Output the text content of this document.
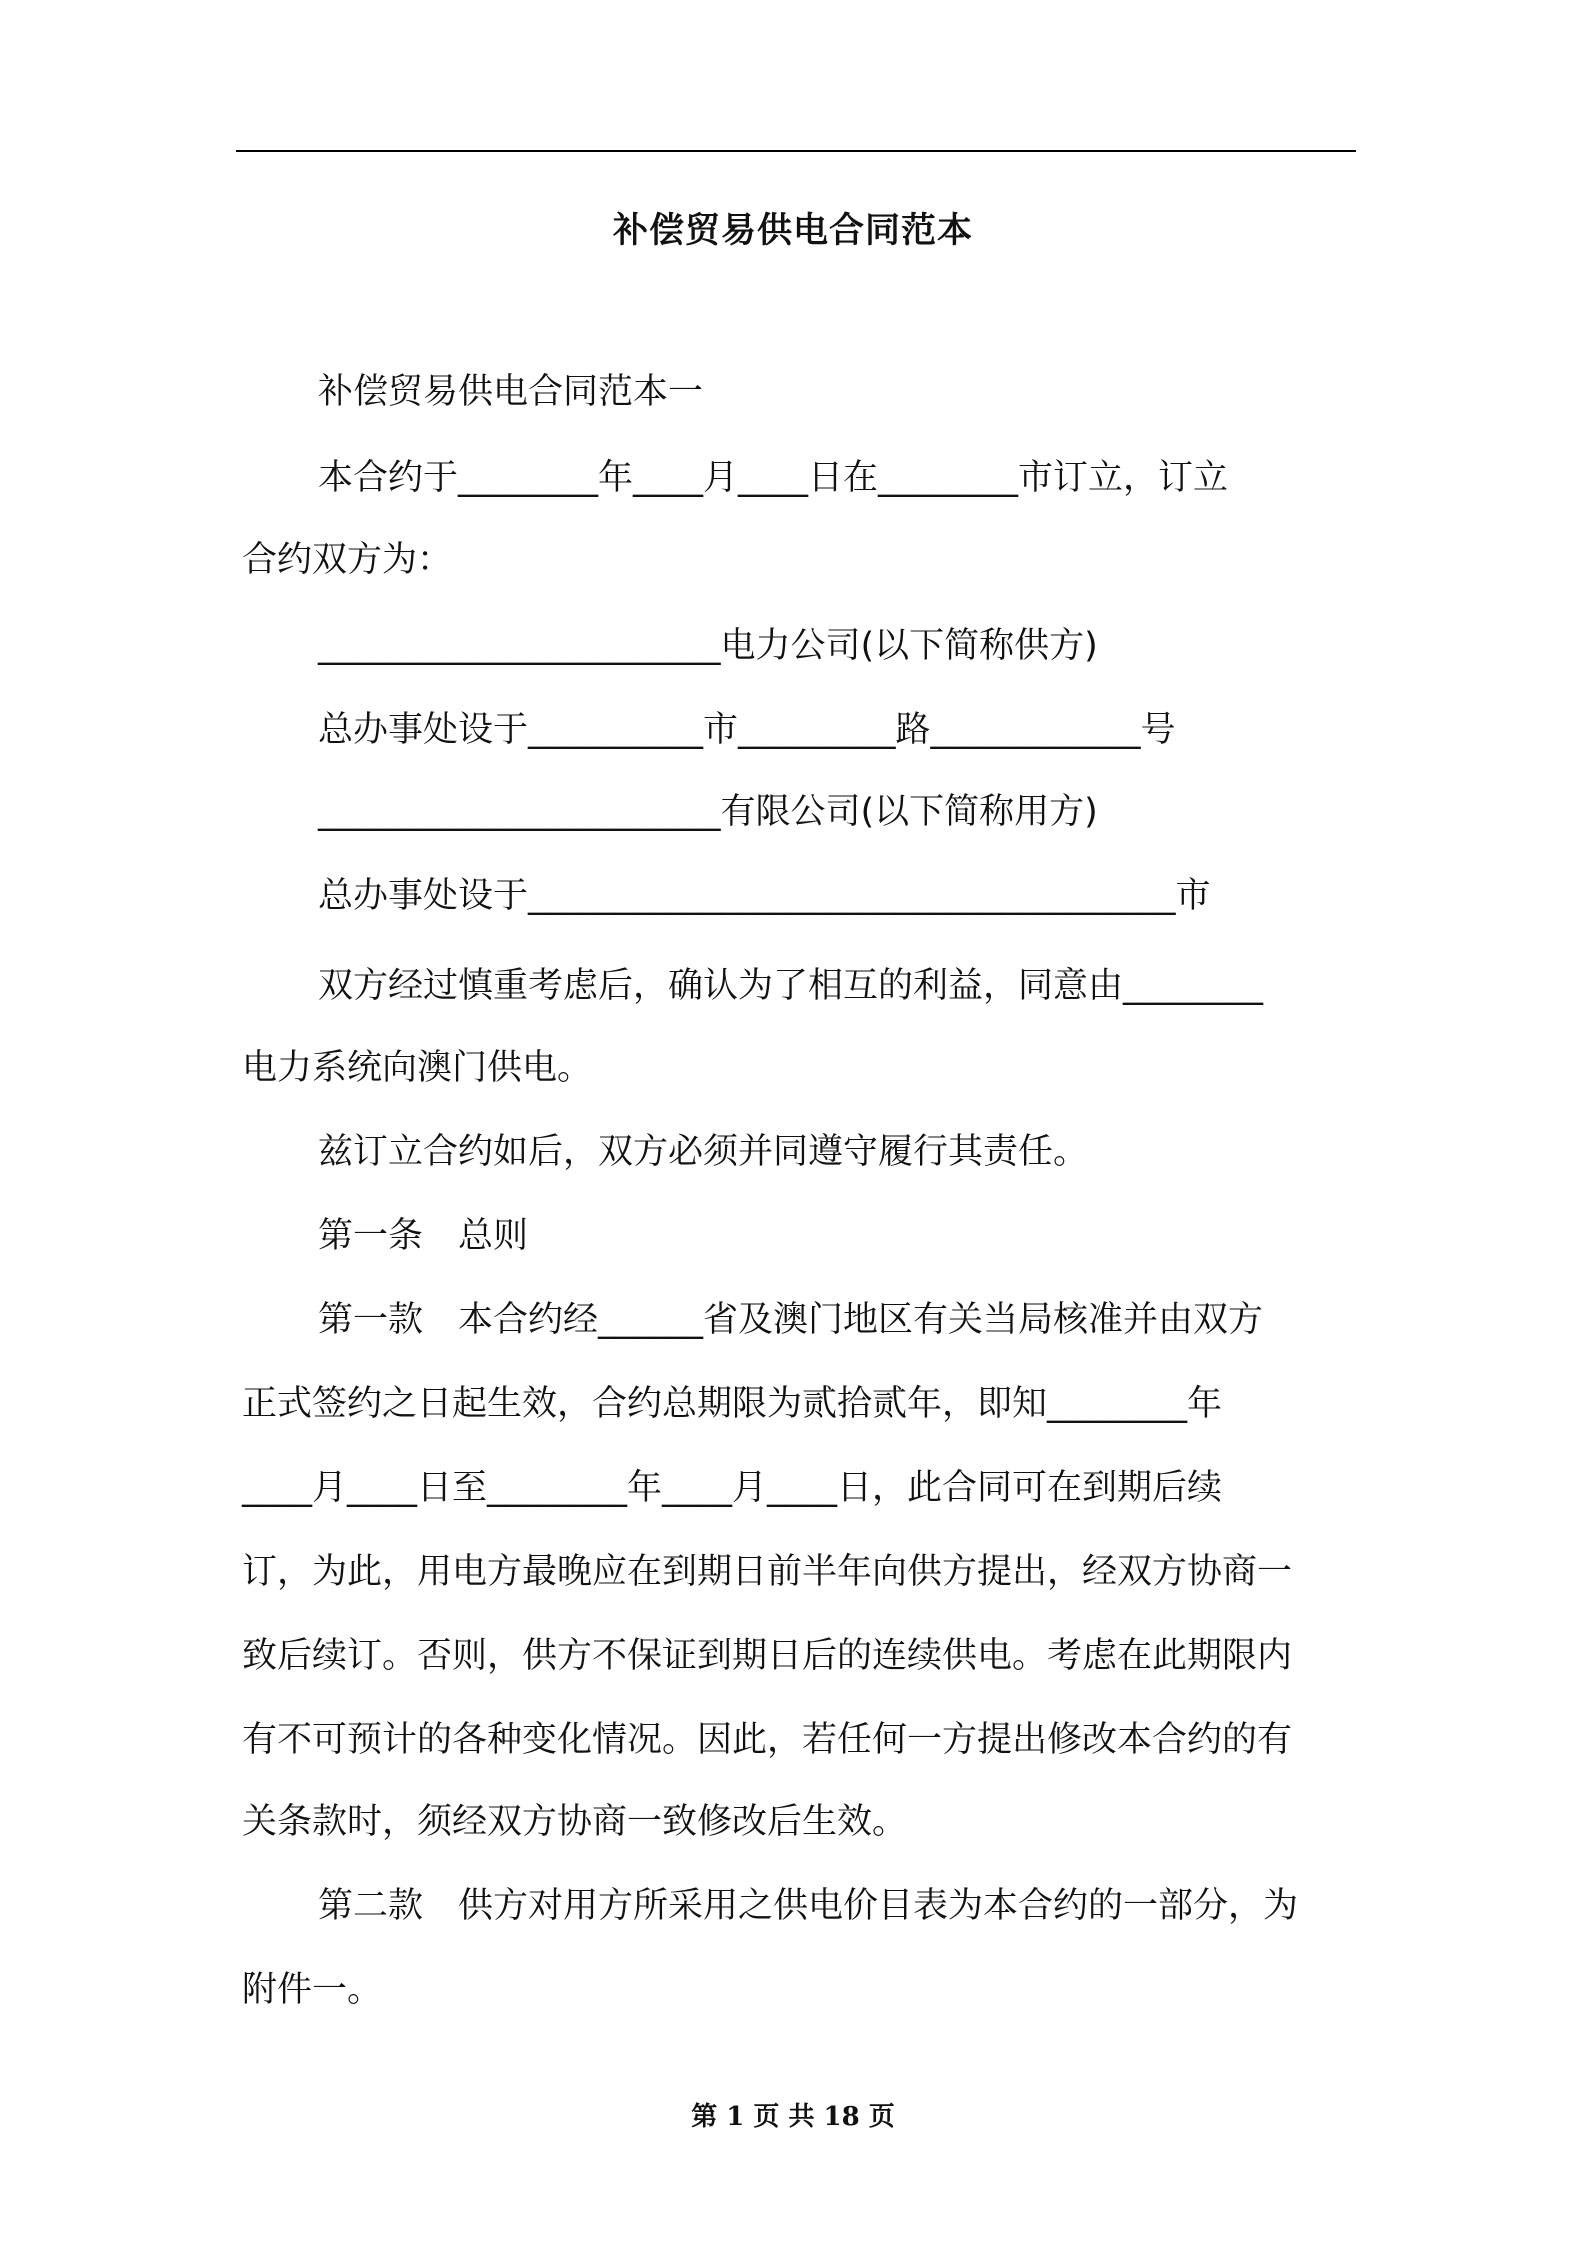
补偿贸易供电合同范本
补偿贸易供电合同范本一
本合约于________年____月____日在________市订立，订立
合约双方为：
_______________________电力公司(以下简称供方)
总办事处设于__________市_________路____________号
_______________________有限公司(以下简称用方)
总办事处设于_____________________________________市
双方经过慎重考虑后，确认为了相互的利益，同意由________
电力系统向澳门供电。
兹订立合约如后，双方必须并同遵守履行其责任。
第一条　总则
第一款　本合约经______省及澳门地区有关当局核准并由双方
正式签约之日起生效，合约总期限为贰拾贰年，即知________年
____月____日至________年____月____日，此合同可在到期后续
订，为此，用电方最晚应在到期日前半年向供方提出，经双方协商一
致后续订。否则，供方不保证到期日后的连续供电。考虑在此期限内
有不可预计的各种变化情况。因此，若任何一方提出修改本合约的有
关条款时，须经双方协商一致修改后生效。
第二款　供方对用方所采用之供电价目表为本合约的一部分，为
附件一。
第 1 页 共 18 页
